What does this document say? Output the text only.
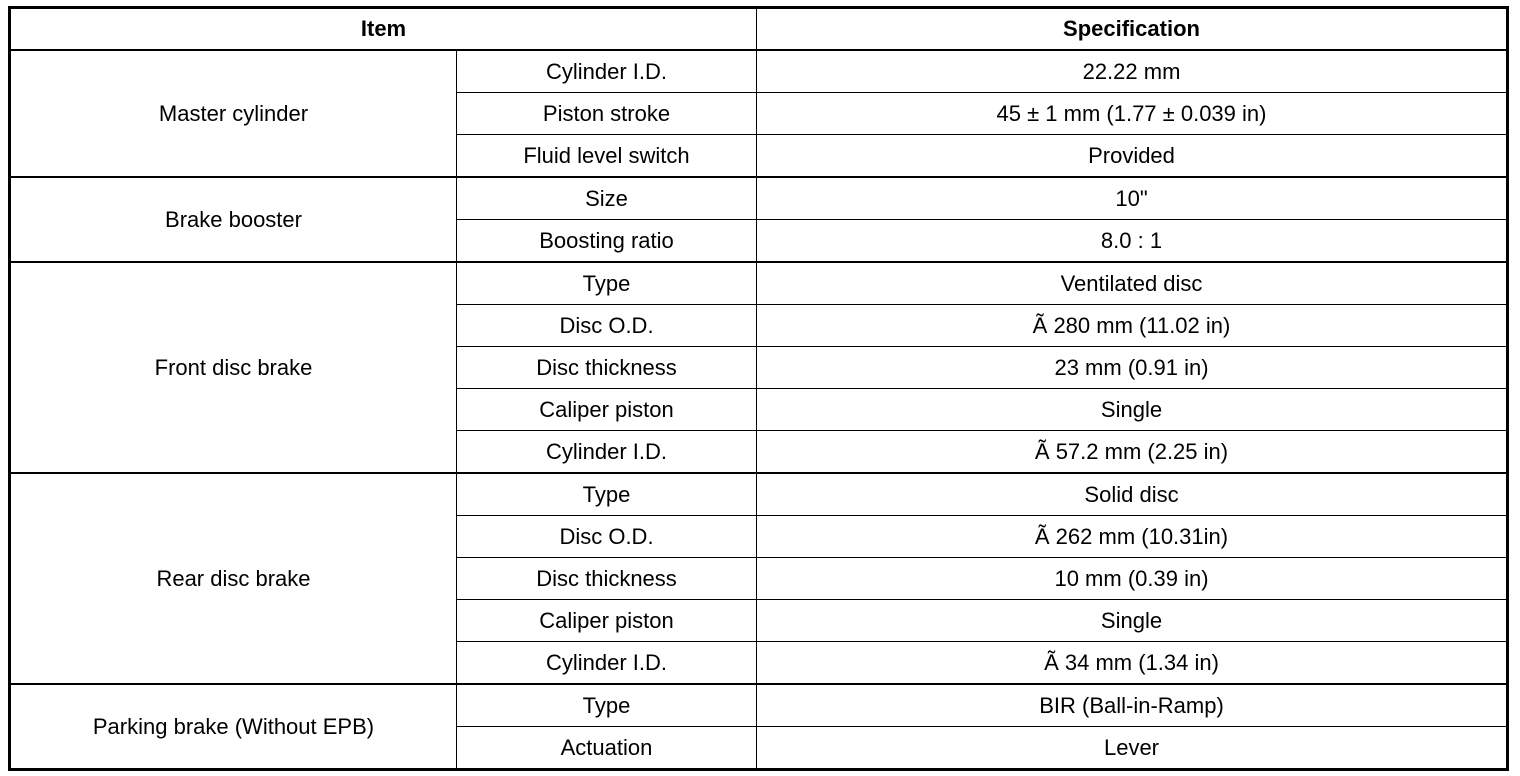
Item		Specification
Master cylinder	Cylinder I.D.	22.22 mm
	Piston stroke	45 ± 1 mm (1.77 ± 0.039 in)
	Fluid level switch	Provided
Brake booster	Size	10"
	Boosting ratio	8.0 : 1
Front disc brake	Type	Ventilated disc
	Disc O.D.	Ã 280 mm (11.02 in)
	Disc thickness	23 mm (0.91 in)
	Caliper piston	Single
	Cylinder I.D.	Ã 57.2 mm (2.25 in)
Rear disc brake	Type	Solid disc
	Disc O.D.	Ã 262 mm (10.31in)
	Disc thickness	10 mm (0.39 in)
	Caliper piston	Single
	Cylinder I.D.	Ã 34 mm (1.34 in)
Parking brake (Without EPB)	Type	BIR (Ball-in-Ramp)
	Actuation	Lever
